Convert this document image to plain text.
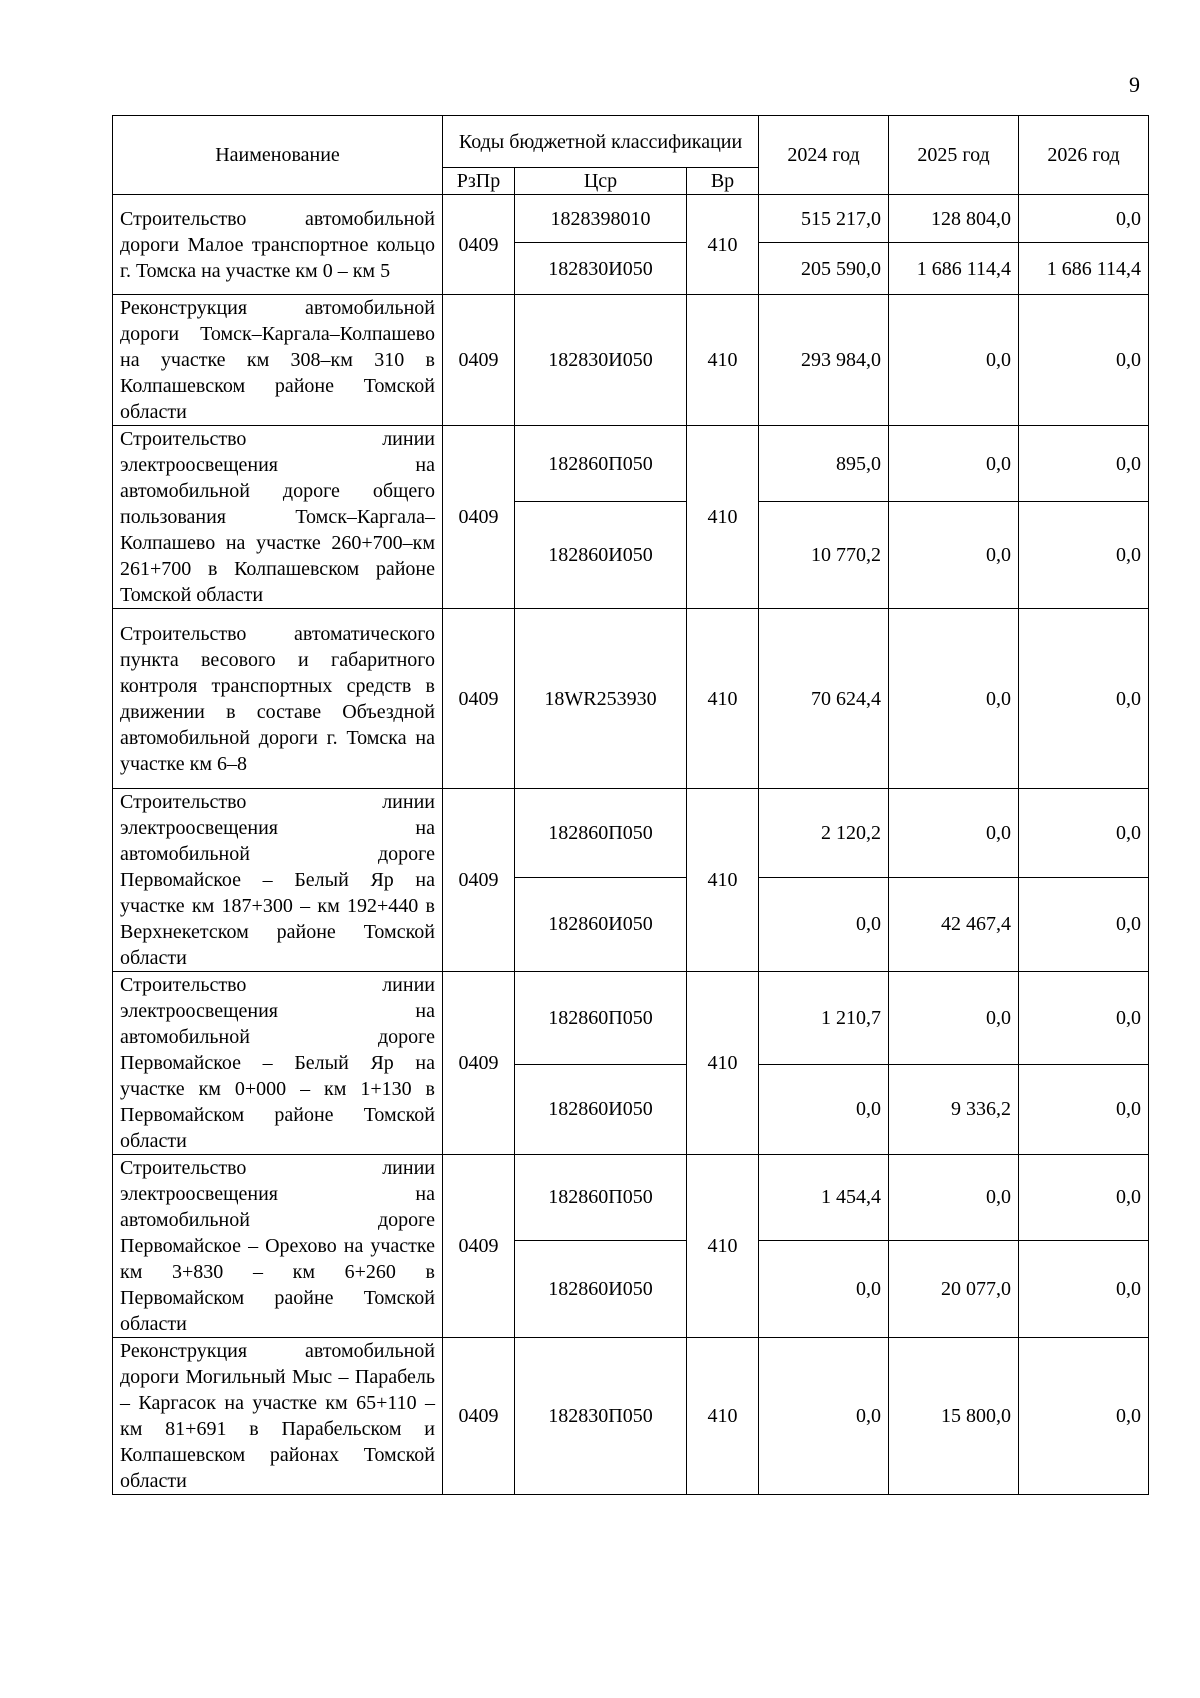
9
Наименование	Коды бюджетной классификации			2024 год	2025 год	2026 год
	РзПр	Цср	Вр			
Строительство автомобильной дороги Малое транспортное кольцо г. Томска на участке км 0 – км 5	0409	1828398010	410	515 217,0	128 804,0	0,0
		182830И050		205 590,0	1 686 114,4	1 686 114,4
Реконструкция автомобильной дороги Томск–Каргала–Колпашево на участке км 308–км 310 в Колпашевском районе Томской области	0409	182830И050	410	293 984,0	0,0	0,0
Строительство линии электроосвещения на автомобильной дороге общего пользования Томск–Каргала–Колпашево на участке 260+700–км 261+700 в Колпашевском районе Томской области	0409	182860П050	410	895,0	0,0	0,0
		182860И050		10 770,2	0,0	0,0
Строительство автоматического пункта весового и габаритного контроля транспортных средств в движении в составе Объездной автомобильной дороги г. Томска на участке км 6–8	0409	18WR253930	410	70 624,4	0,0	0,0
Строительство линии электроосвещения на автомобильной дороге Первомайское – Белый Яр на участке км 187+300 – км 192+440 в Верхнекетском районе Томской области	0409	182860П050	410	2 120,2	0,0	0,0
		182860И050		0,0	42 467,4	0,0
Строительство линии электроосвещения на автомобильной дороге Первомайское – Белый Яр на участке км 0+000 – км 1+130 в Первомайском районе Томской области	0409	182860П050	410	1 210,7	0,0	0,0
		182860И050		0,0	9 336,2	0,0
Строительство линии электроосвещения на автомобильной дороге Первомайское – Орехово на участке км 3+830 – км 6+260 в Первомайском раойне Томской области	0409	182860П050	410	1 454,4	0,0	0,0
		182860И050		0,0	20 077,0	0,0
Реконструкция автомобильной дороги Могильный Мыс – Парабель – Каргасок на участке км 65+110 – км 81+691 в Парабельском и Колпашевском районах Томской области	0409	182830П050	410	0,0	15 800,0	0,0
